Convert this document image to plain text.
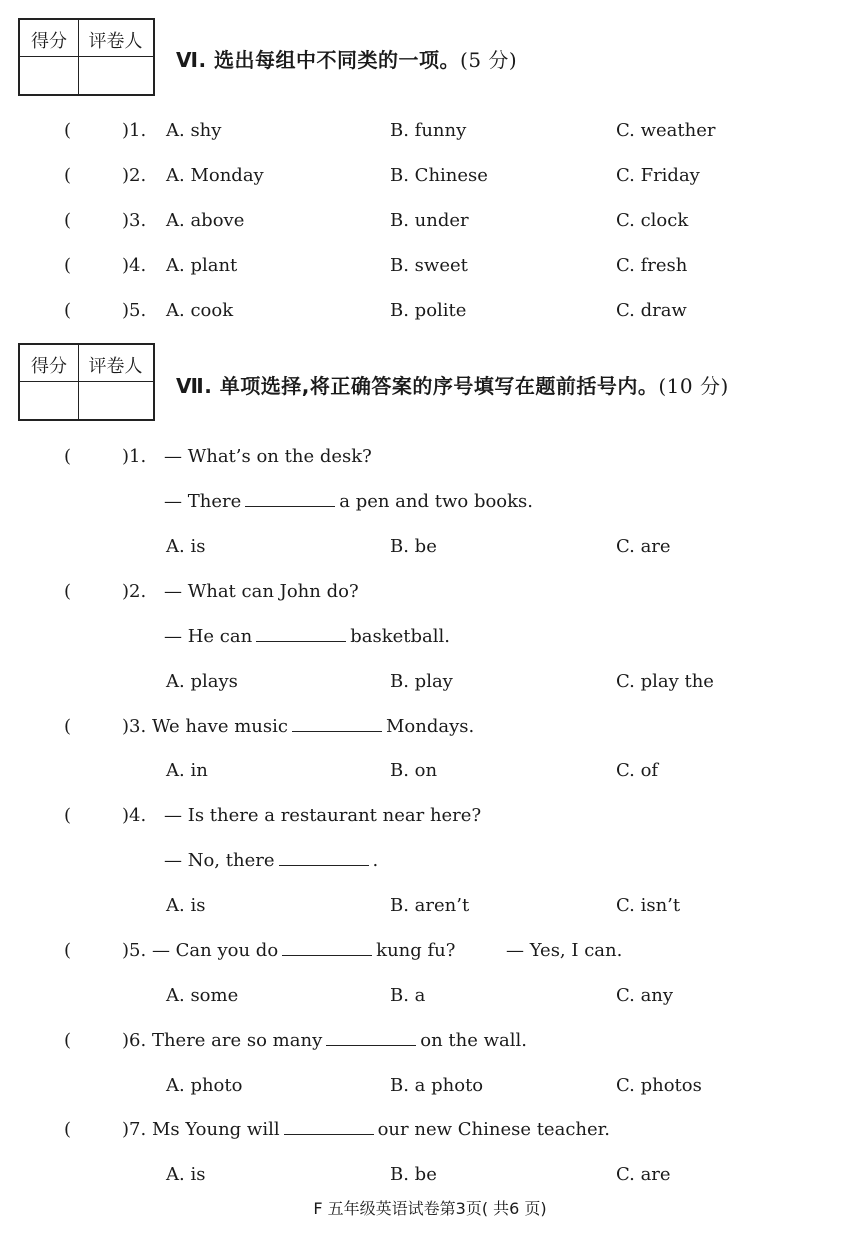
得分	评卷人
Ⅵ. 选出每组中不同类的一项。(5 分)
(	)1. A. shy	B. funny	C. weather
(	)2. A. Monday	B. Chinese	C. Friday
(	)3. A. above	B. under	C. clock
(	)4. A. plant	B. sweet	C. fresh
(	)5. A. cook	B. polite	C. draw
得分	评卷人
Ⅶ. 单项选择,将正确答案的序号填写在题前括号内。(10 分)
(	)1. — What’s on the desk?
— There	a pen and two books.
A. is	B. be	C. are
(	)2. — What can John do?
— He can	basketball.
A. plays	B. play	C. play the
(	)3. We have music	Mondays.
A. in	B. on	C. of
(	)4. — Is there a restaurant near here?
— No, there	.
A. is	B. aren’t	C. isn’t
(	)5. — Can you do	kung fu?	— Yes, I can.
A. some	B. a	C. any
(	)6. There are so many	on the wall.
A. photo	B. a photo	C. photos
(	)7. Ms Young will	our new Chinese teacher.
A. is	B. be	C. are
F 五年级英语试卷第3页( 共6 页)
